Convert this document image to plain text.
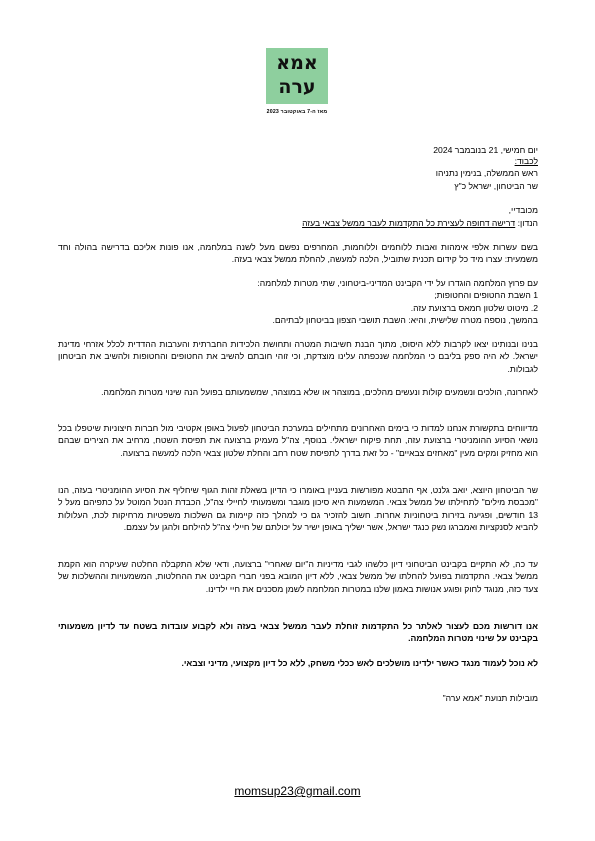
אמא
ערה
מאז ה-7 באוקטובר 2023

יום חמישי, 21 בנובמבר 2024

לכבוד:
ראש הממשלה, בנימין נתניהו
שר הביטחון, ישראל כ"ץ

מכובדיי,

הנדון: דרישה דחופה לעצירת כל התקדמות לעבר ממשל צבאי בעזה

בשם עשרות אלפי אימהות ואבות ללוחמים וללוחמות, המחרפים נפשם מעל לשנה במלחמה, אנו פונות אליכם בדרישה בהולה וחד משמעית: עצרו מיד כל קידום תכנית שתוביל, הלכה למעשה, להחלת ממשל צבאי בעזה.

עם פרוץ המלחמה הוגדרו על ידי הקבינט המדיני-ביטחוני, שתי מטרות למלחמה:
1 השבת החטופים והחטופות;
2. מיטוט שלטון חמאס ברצועת עזה.
בהמשך, נוספה מטרה שלישית, והיא: השבת תושבי הצפון בביטחון לבתיהם.

בנינו ובנותינו יצאו לקרבות ללא היסוס, מתוך הבנת חשיבות המטרה ותחושת הלכידות החברתית והערבות ההדדית לכלל אזרחי מדינת ישראל. לא היה ספק בליבם כי המלחמה שנכפתה עלינו מוצדקת, וכי זוהי חובתם להשיב את החטופים והחטופות ולהשיב את הביטחון לגבולות.

לאחרונה, הולכים ונשמעים קולות ונעשים מהלכים, במוצהר או שלא במוצהר, שמשמעותם בפועל הנה שינוי מטרות המלחמה.

מדיווחים בתקשורת אנחנו למדות כי בימים האחרונים מתחילים במערכת הביטחון לפעול באופן אקטיבי מול חברות חיצוניות שיטפלו בכל נושאי הסיוע ההומניטרי ברצועת עזה, תחת פיקוח ישראלי. בנוסף, צה"ל מעמיק ברצועה את תפיסת השטח, מרחיב את הצירים שבהם הוא מחזיק ומקים מעין "מאחזים צבאיים" - כל זאת בדרך לתפיסת שטח רחב והחלת שלטון צבאי הלכה למעשה ברצועה.

שר הביטחון היוצא, יואב גלנט, אף התבטא מפורשות בעניין באומרו כי הדיון בשאלת זהות הגוף שיחליף את הסיוע ההומניטרי בעזה, הנו "מכבסת מילים" לתחילתו של ממשל צבאי. המשמעות היא סיכון מוגבר ומשמעותי לחיילי צה"ל, הכבדת הנטל המוטל על כתפיהם מעל ל 13 חודשים, ופגיעה בזירות ביטחוניות אחרות. חשוב להזכיר גם כי למהלך כזה קיימות גם השלכות משפטיות מרחיקות לכת, העלולות להביא לסנקציות ואמברגו נשק כנגד ישראל, אשר ישליך באופן ישיר על יכולתם של חיילי צה"ל להילחם ולהגן על עצמם.

עד כה, לא התקיים בקבינט הביטחוני דיון כלשהו לגבי מדיניות ה"יום שאחרי" ברצועה, ודאי שלא התקבלה החלטה שעיקרה הוא הקמת ממשל צבאי. התקדמות בפועל להחלתו של ממשל צבאי, ללא דיון המובא בפני חברי הקבינט את ההחלטות, המשמעויות וההשלכות של צעד כזה, מנוגד לחוק ופוגע אנושות באמון שלנו במטרות המלחמה לשמן מסכנים את חיי ילדינו.

אנו דורשות מכם לעצור לאלתר כל התקדמות זוחלת לעבר ממשל צבאי בעזה ולא לקבוע עובדות בשטח עד לדיון משמעותי בקבינט על שינוי מטרות המלחמה.

לא נוכל לעמוד מנגד כאשר ילדינו מושלכים לאש ככלי משחק, ללא כל דיון מקצועי, מדיני וצבאי.

מובילות תנועת "אמא ערה"

momsup23@gmail.com
